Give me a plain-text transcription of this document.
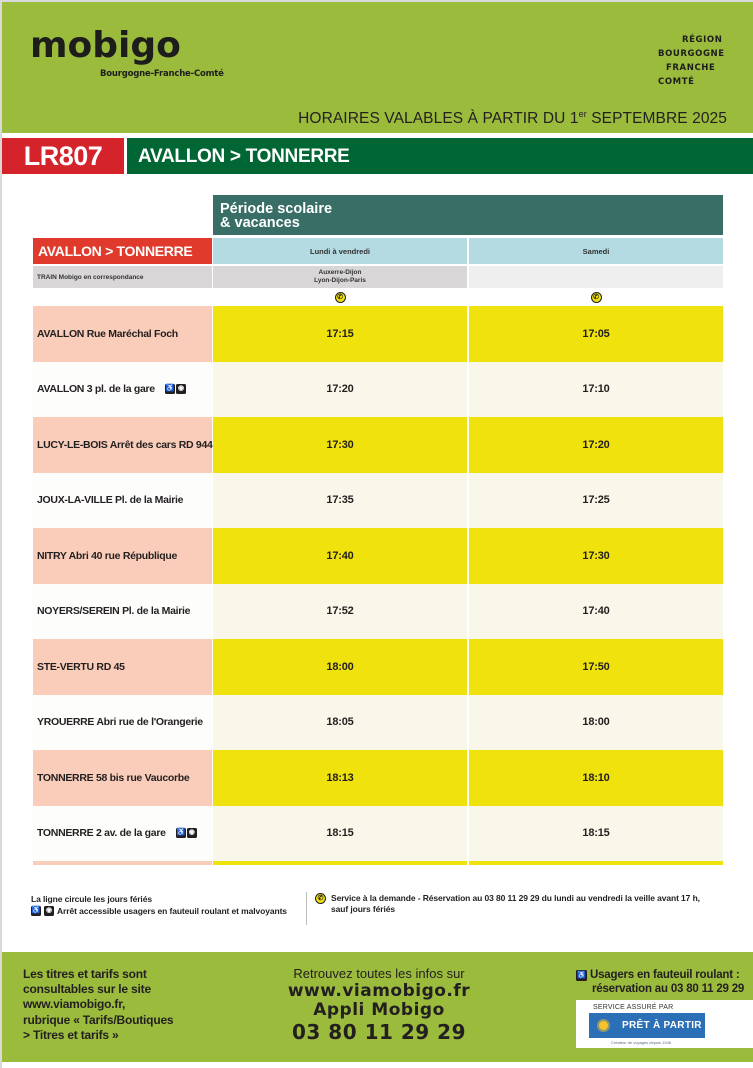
mobigo
Bourgogne-Franche-Comté
RÉGION
BOURGOGNE
FRANCHE
COMTÉ
HORAIRES VALABLES À PARTIR DU 1er SEPTEMBRE 2025
LR807	AVALLON > TONNERRE
Période scolaire
& vacances
AVALLON > TONNERRE	Lundi à vendredi	Samedi
TRAIN Mobigo en correspondance
Auxerre-Dijon
Lyon-Dijon-Paris
✆	✆
AVALLON Rue Maréchal Foch	17:15	17:05
AVALLON 3 pl. de la gare ♿ ◉	17:20	17:10
LUCY-LE-BOIS Arrêt des cars RD 944	17:30	17:20
JOUX-LA-VILLE Pl. de la Mairie	17:35	17:25
NITRY Abri 40 rue République	17:40	17:30
NOYERS/SEREIN Pl. de la Mairie	17:52	17:40
STE-VERTU RD 45	18:00	17:50
YROUERRE Abri rue de l'Orangerie	18:05	18:00
TONNERRE 58 bis rue Vaucorbe	18:13	18:10
TONNERRE 2 av. de la gare ♿ ◉	18:15	18:15
La ligne circule les jours fériés
♿ ◉ Arrêt accessible usagers en fauteuil roulant et malvoyants
✆ Service à la demande - Réservation au 03 80 11 29 29 du lundi au vendredi la veille avant 17 h,
sauf jours fériés
Les titres et tarifs sont
consultables sur le site
www.viamobigo.fr,
rubrique « Tarifs/Boutiques
> Titres et tarifs »
Retrouvez toutes les infos sur
www.viamobigo.fr
Appli Mobigo
03 80 11 29 29
♿ Usagers en fauteuil roulant :
réservation au 03 80 11 29 29
SERVICE ASSURÉ PAR
PRÊT À PARTIR
Créateur de voyages depuis 1946
